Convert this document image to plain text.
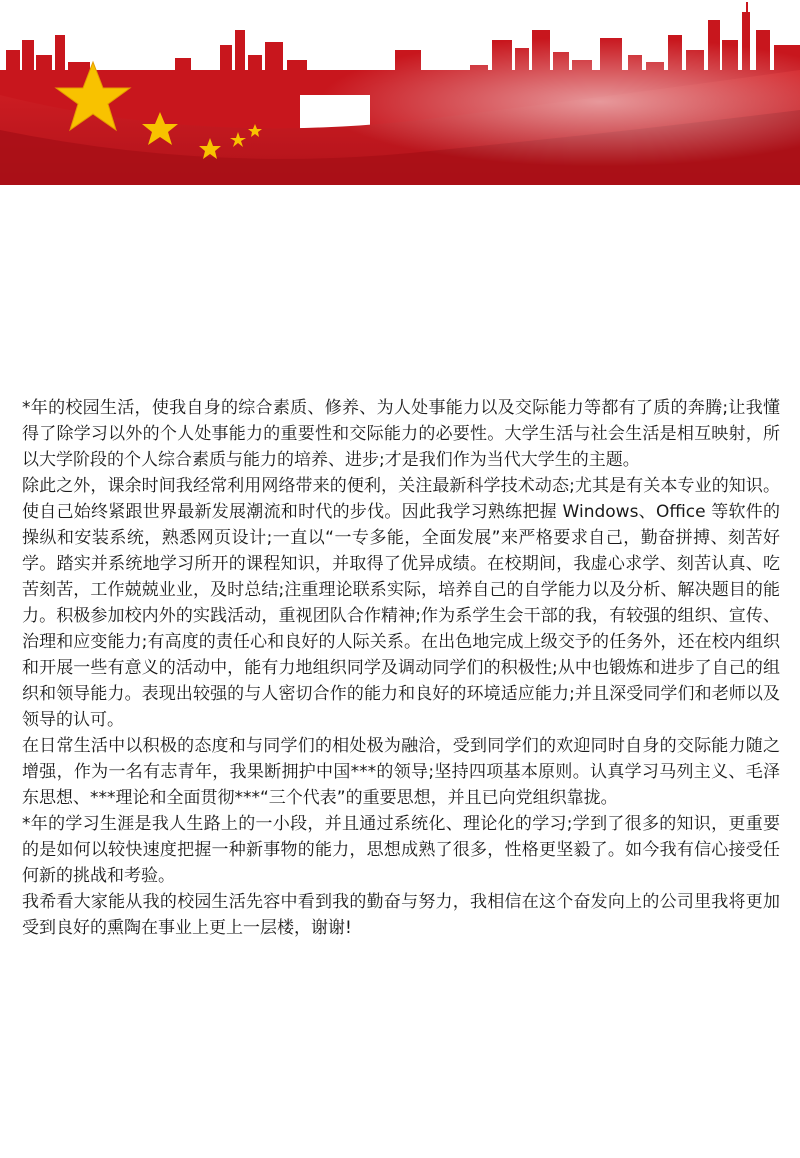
*年的校园生活，使我自身的综合素质、修养、为人处事能力以及交际能力等都有了质的奔腾;让我懂得了除学习以外的个人处事能力的重要性和交际能力的必要性。大学生活与社会生活是相互映射，所以大学阶段的个人综合素质与能力的培养、进步;才是我们作为当代大学生的主题。

除此之外，课余时间我经常利用网络带来的便利，关注最新科学技术动态;尤其是有关本专业的知识。使自己始终紧跟世界最新发展潮流和时代的步伐。因此我学习熟练把握 Windows、Office 等软件的操纵和安装系统，熟悉网页设计;一直以“一专多能，全面发展”来严格要求自己，勤奋拼搏、刻苦好学。踏实并系统地学习所开的课程知识，并取得了优异成绩。在校期间，我虚心求学、刻苦认真、吃苦刻苦，工作兢兢业业，及时总结;注重理论联系实际，培养自己的自学能力以及分析、解决题目的能力。积极参加校内外的实践活动，重视团队合作精神;作为系学生会干部的我，有较强的组织、宣传、治理和应变能力;有高度的责任心和良好的人际关系。在出色地完成上级交予的任务外，还在校内组织和开展一些有意义的活动中，能有力地组织同学及调动同学们的积极性;从中也锻炼和进步了自己的组织和领导能力。表现出较强的与人密切合作的能力和良好的环境适应能力;并且深受同学们和老师以及领导的认可。

在日常生活中以积极的态度和与同学们的相处极为融洽，受到同学们的欢迎同时自身的交际能力随之增强，作为一名有志青年，我果断拥护中国***的领导;坚持四项基本原则。认真学习马列主义、毛泽东思想、***理论和全面贯彻***“三个代表”的重要思想，并且已向党组织靠拢。

*年的学习生涯是我人生路上的一小段，并且通过系统化、理论化的学习;学到了很多的知识，更重要的是如何以较快速度把握一种新事物的能力，思想成熟了很多，性格更坚毅了。如今我有信心接受任何新的挑战和考验。

我希看大家能从我的校园生活先容中看到我的勤奋与努力，我相信在这个奋发向上的公司里我将更加受到良好的熏陶在事业上更上一层楼，谢谢!
